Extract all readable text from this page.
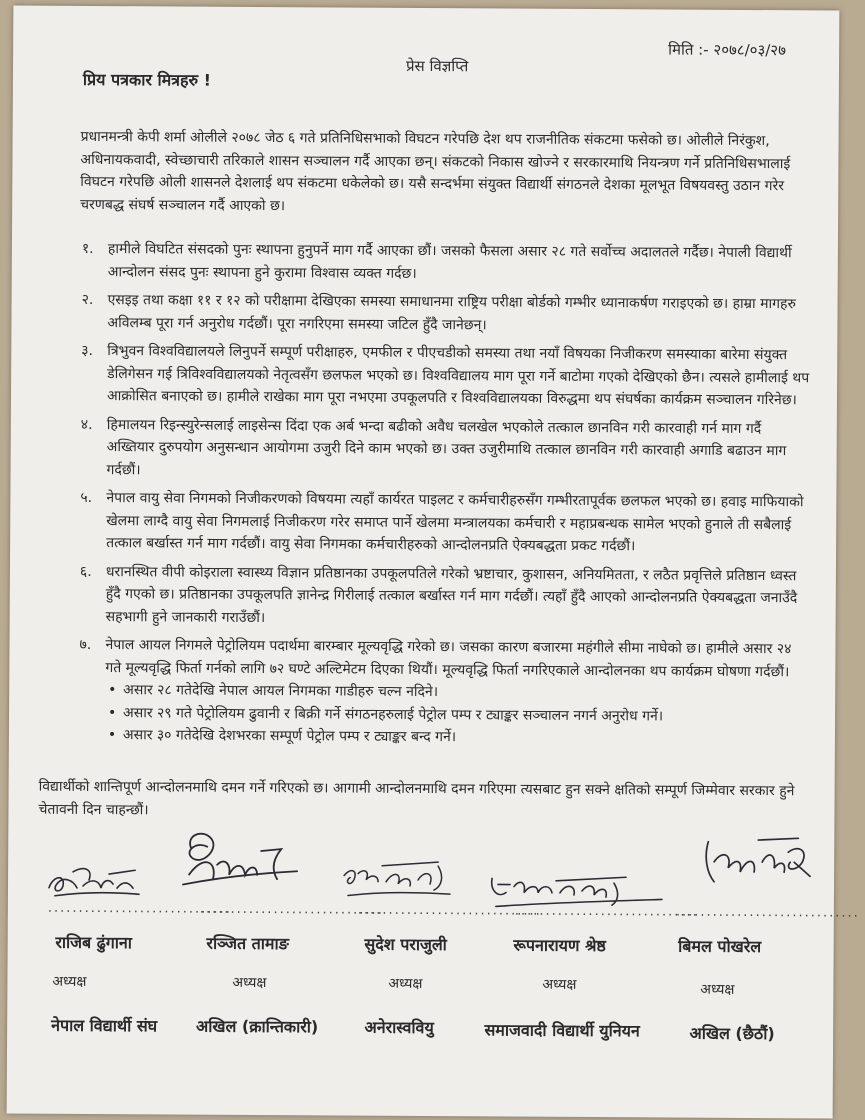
मिति :- २०७८/०३/२७
प्रेस विज्ञप्ति
प्रिय पत्रकार मित्रहरु !
प्रधानमन्त्री केपी शर्मा ओलीले २०७८ जेठ ६ गते प्रतिनिधिसभाको विघटन गरेपछि देश थप राजनीतिक संकटमा फसेको छ। ओलीले निरंकुश, अधिनायकवादी, स्वेच्छाचारी तरिकाले शासन सञ्चालन गर्दै आएका छन्। संकटको निकास खोज्ने र सरकारमाथि नियन्त्रण गर्ने प्रतिनिधिसभालाई विघटन गरेपछि ओली शासनले देशलाई थप संकटमा धकेलेको छ। यसै सन्दर्भमा संयुक्त विद्यार्थी संगठनले देशका मूलभूत विषयवस्तु उठान गरेर चरणबद्ध संघर्ष सञ्चालन गर्दै आएको छ।
१. हामीले विघटित संसदको पुनः स्थापना हुनुपर्ने माग गर्दै आएका छौं। जसको फैसला असार २८ गते सर्वोच्च अदालतले गर्दैछ। नेपाली विद्यार्थी आन्दोलन संसद पुनः स्थापना हुने कुरामा विश्वास व्यक्त गर्दछ।
२. एसइइ तथा कक्षा ११ र १२ को परीक्षामा देखिएका समस्या समाधानमा राष्ट्रिय परीक्षा बोर्डको गम्भीर ध्यानाकर्षण गराइएको छ। हाम्रा मागहरु अविलम्ब पूरा गर्न अनुरोध गर्दछौं। पूरा नगरिएमा समस्या जटिल हुँदै जानेछन्।
३. त्रिभुवन विश्वविद्यालयले लिनुपर्ने सम्पूर्ण परीक्षाहरु, एमफील र पीएचडीको समस्या तथा नयाँ विषयका निजीकरण समस्याका बारेमा संयुक्त डेलिगेसन गई त्रिविश्वविद्यालयको नेतृत्वसँग छलफल भएको छ। विश्वविद्यालय माग पूरा गर्ने बाटोमा गएको देखिएको छैन। त्यसले हामीलाई थप आक्रोसित बनाएको छ। हामीले राखेका माग पूरा नभएमा उपकूलपति र विश्वविद्यालयका विरुद्धमा थप संघर्षका कार्यक्रम सञ्चालन गरिनेछ।
४. हिमालयन रिइन्स्युरेन्सलाई लाइसेन्स दिंदा एक अर्ब भन्दा बढीको अवैध चलखेल भएकोले तत्काल छानविन गरी कारवाही गर्न माग गर्दै अख्तियार दुरुपयोग अनुसन्धान आयोगमा उजुरी दिने काम भएको छ। उक्त उजुरीमाथि तत्काल छानविन गरी कारवाही अगाडि बढाउन माग गर्दछौं।
५. नेपाल वायु सेवा निगमको निजीकरणको विषयमा त्यहाँ कार्यरत पाइलट र कर्मचारीहरुसँग गम्भीरतापूर्वक छलफल भएको छ। हवाइ माफियाको खेलमा लाग्दै वायु सेवा निगमलाई निजीकरण गरेर समाप्त पार्ने खेलमा मन्त्रालयका कर्मचारी र महाप्रबन्धक सामेल भएको हुनाले ती सबैलाई तत्काल बर्खास्त गर्न माग गर्दछौं। वायु सेवा निगमका कर्मचारीहरुको आन्दोलनप्रति ऐक्यबद्धता प्रकट गर्दछौं।
६. धरानस्थित वीपी कोइराला स्वास्थ्य विज्ञान प्रतिष्ठानका उपकूलपतिले गरेको भ्रष्टाचार, कुशासन, अनियमितता, र लठैत प्रवृत्तिले प्रतिष्ठान ध्वस्त हुँदै गएको छ। प्रतिष्ठानका उपकूलपति ज्ञानेन्द्र गिरीलाई तत्काल बर्खास्त गर्न माग गर्दछौं। त्यहाँ हुँदै आएको आन्दोलनप्रति ऐक्यबद्धता जनाउँदै सहभागी हुने जानकारी गराउँछौं।
७. नेपाल आयल निगमले पेट्रोलियम पदार्थमा बारम्बार मूल्यवृद्धि गरेको छ। जसका कारण बजारमा महंगीले सीमा नाघेको छ। हामीले असार २४ गते मूल्यवृद्धि फिर्ता गर्नको लागि ७२ घण्टे अल्टिमेटम दिएका थियौं। मूल्यवृद्धि फिर्ता नगरिएकाले आन्दोलनका थप कार्यक्रम घोषणा गर्दछौं।
• असार २८ गतेदेखि नेपाल आयल निगमका गाडीहरु चल्न नदिने।
• असार २९ गते पेट्रोलियम ढुवानी र बिक्री गर्ने संगठनहरुलाई पेट्रोल पम्प र ट्याङ्कर सञ्चालन नगर्न अनुरोध गर्ने।
• असार ३० गतेदेखि देशभरका सम्पूर्ण पेट्रोल पम्प र ट्याङ्कर बन्द गर्ने।
विद्यार्थीको शान्तिपूर्ण आन्दोलनमाथि दमन गर्ने गरिएको छ। आगामी आन्दोलनमाथि दमन गरिएमा त्यसबाट हुन सक्ने क्षतिको सम्पूर्ण जिम्मेवार सरकार हुने चेतावनी दिन चाहन्छौं।
..............................
..............................
..............................
..............................
..............................
राजिब ढुंगाना	रञ्जित तामाङ	सुदेश पराजुली	रूपनारायण श्रेष्ठ	बिमल पोखरेल
अध्यक्ष	अध्यक्ष	अध्यक्ष	अध्यक्ष	अध्यक्ष
नेपाल विद्यार्थी संघ	अखिल (क्रान्तिकारी)	अनेरास्ववियु	समाजवादी विद्यार्थी युनियन	अखिल (छैठौं)
